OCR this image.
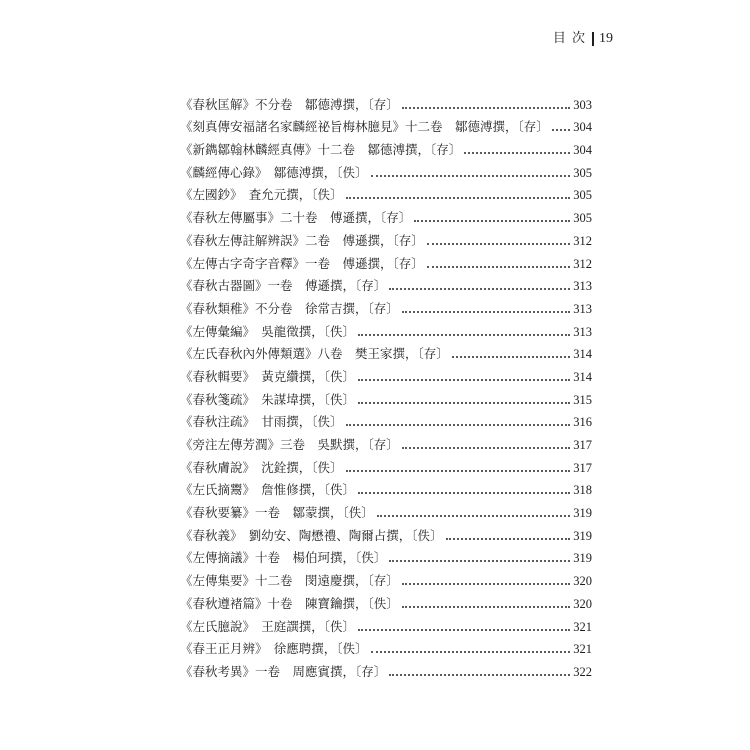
目 次 19
《春秋匡解》不分卷　鄒德溥撰，〔存〕	303
《刻真傳安福諸名家麟經祕旨梅林臆見》十二卷　鄒德溥撰，〔存〕 304
《新鐫鄒翰林麟經真傳》十二卷　鄒德溥撰，〔存〕	304
《麟經傳心錄》　鄒德溥撰，〔佚〕	305
《左國鈔》　査允元撰，〔佚〕	305
《春秋左傳屬事》二十卷　傅遜撰，〔存〕	305
《春秋左傳註解辨誤》二卷　傅遜撰，〔存〕	312
《左傳古字奇字音釋》一卷　傅遜撰，〔存〕	312
《春秋古器圖》一卷　傅遜撰，〔存〕	313
《春秋類稚》不分卷　徐常吉撰，〔存〕	313
《左傳彙編》　吳龍徵撰，〔佚〕	313
《左氏春秋內外傳類選》八卷　樊王家撰，〔存〕	314
《春秋輯要》　黃克纘撰，〔佚〕	314
《春秋箋疏》　朱謀㙔撰，〔佚〕	315
《春秋注疏》　甘雨撰，〔佚〕	316
《旁注左傳芳潤》三卷　吳默撰，〔存〕	317
《春秋膚說》　沈銓撰，〔佚〕	317
《左氏摘鬻》　詹惟修撰，〔佚〕	318
《春秋要纂》一卷　鄒蒙撰，〔佚〕	319
《春秋義》　劉幼安、陶懋禮、陶爾占撰，〔佚〕	319
《左傳摘議》十卷　楊伯珂撰，〔佚〕	319
《左傳集要》十二卷　閔遠慶撰，〔存〕	320
《春秋遵褚篇》十卷　陳寶鑰撰，〔佚〕	320
《左氏臆說》　王庭譔撰，〔佚〕	321
《春王正月辨》　徐應聘撰，〔佚〕	321
《春秋考異》一卷　周應賓撰，〔存〕	322
